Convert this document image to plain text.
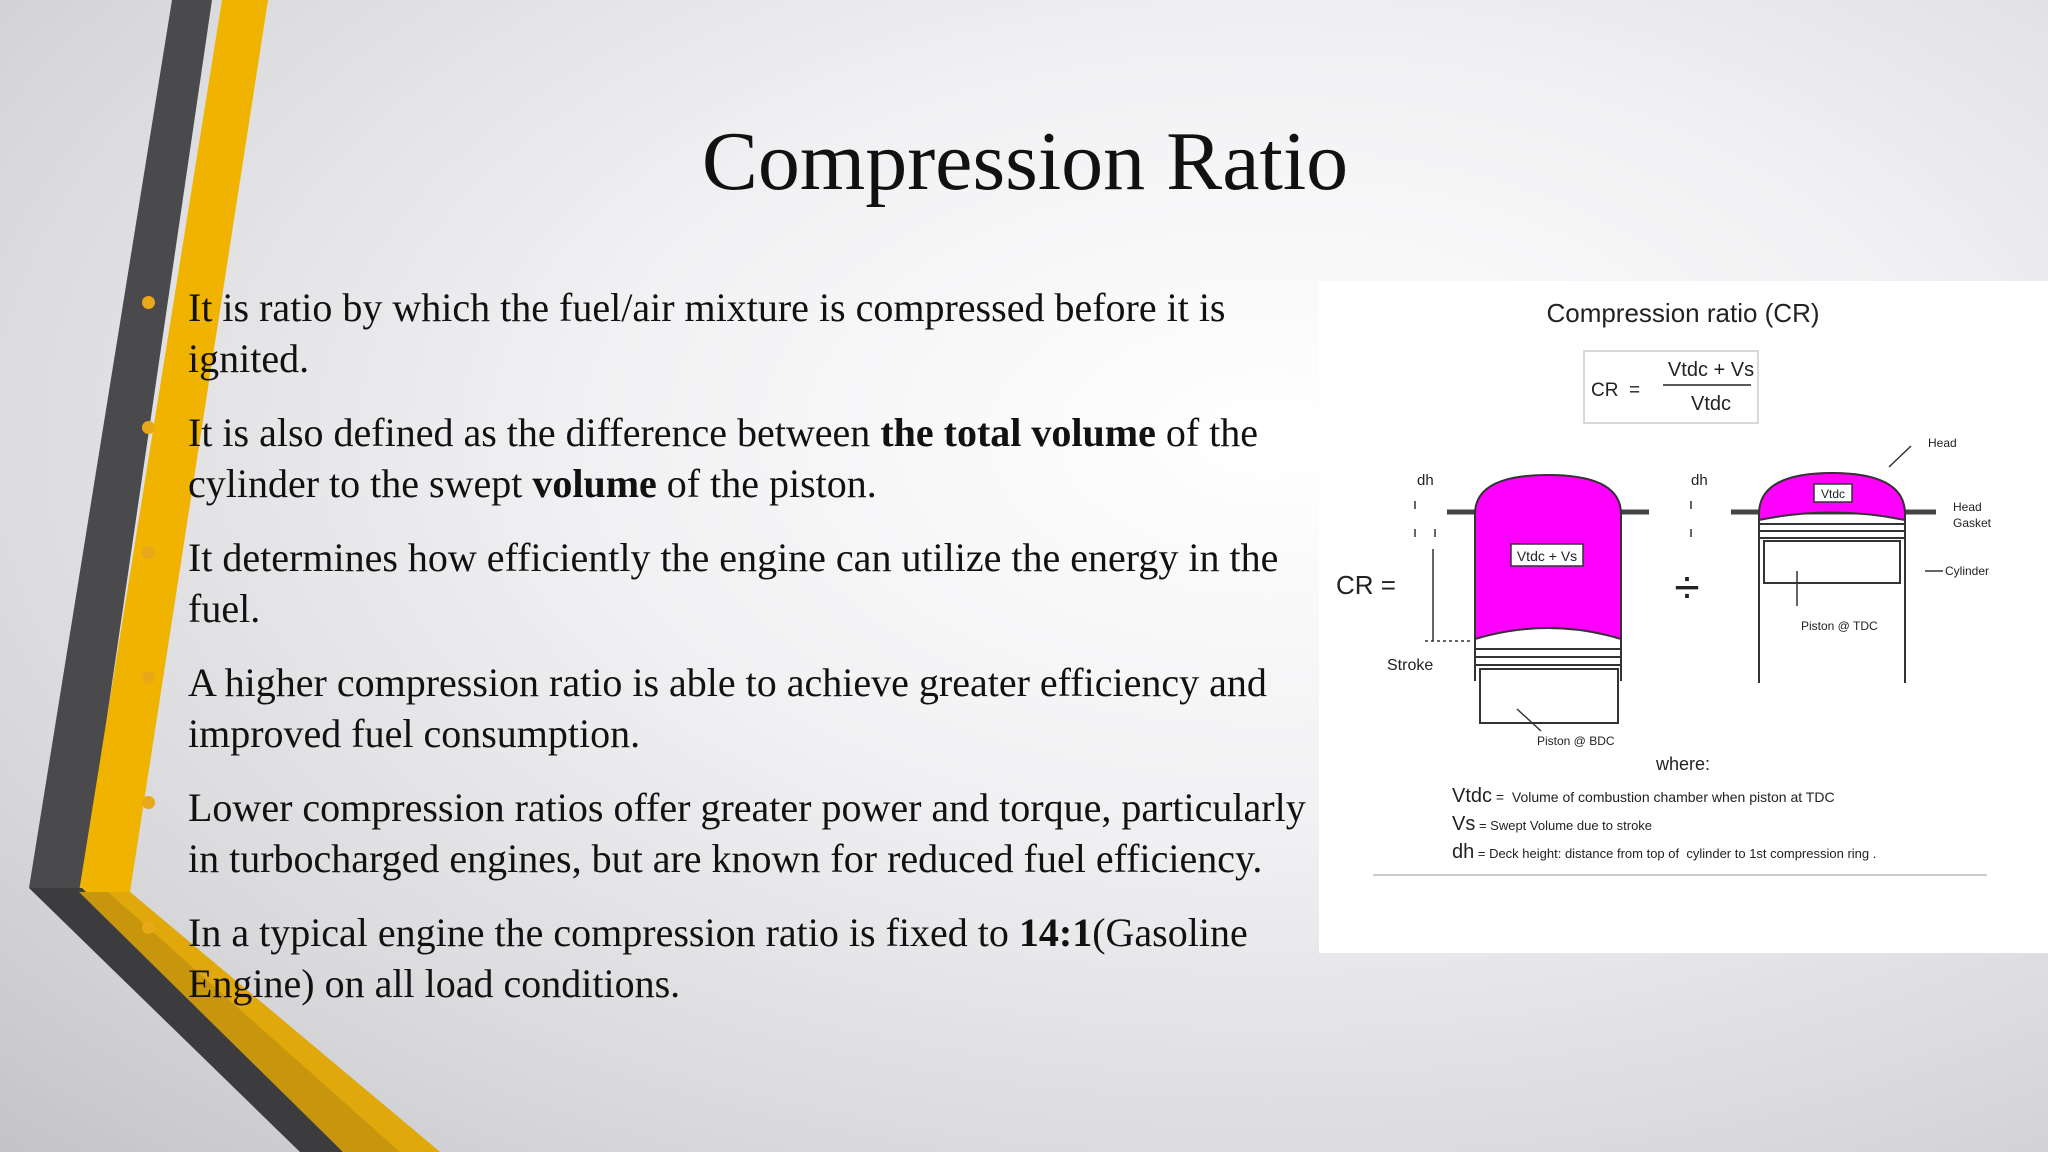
Compression Ratio
It is ratio by which the fuel/air mixture is compressed before it is ignited.
It is also defined as the difference between the total volume of the cylinder to the swept volume of the piston.
It determines how efficiently the engine can utilize the energy in the fuel.
A higher compression ratio is able to achieve greater efficiency and improved fuel consumption.
Lower compression ratios offer greater power and torque, particularly in turbocharged engines, but are known for reduced fuel efficiency.
In a typical engine the compression ratio is fixed to 14:1(Gasoline Engine) on all load conditions.
Compression ratio (CR)
CR  =
Vtdc + Vs
Vtdc
CR =
Vtdc + Vs
dh
Stroke
Piston @ BDC
÷
Vtdc
dh
Head
Head
Gasket
Cylinder
Piston @ TDC
where:
Vtdc =  Volume of combustion chamber when piston at TDC
Vs = Swept Volume due to stroke
dh = Deck height: distance from top of  cylinder to 1st compression ring .
